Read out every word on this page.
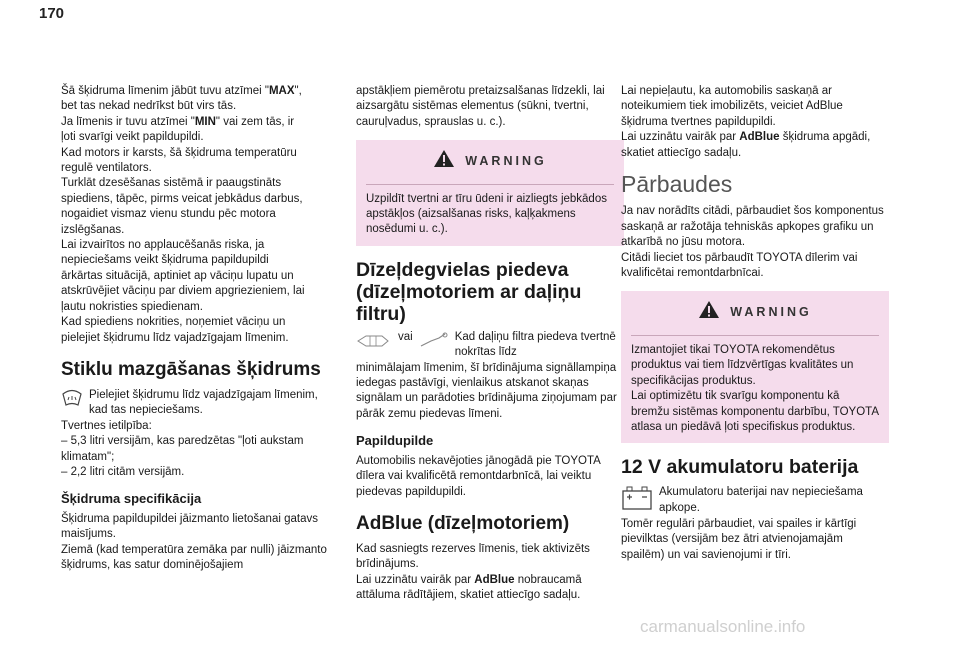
170

Šā šķidruma līmenim jābūt tuvu atzīmei "MAX",
bet tas nekad nedrīkst būt virs tās.
Ja līmenis ir tuvu atzīmei "MIN" vai zem tās, ir
ļoti svarīgi veikt papildupildi.
Kad motors ir karsts, šā šķidruma temperatūru
regulē ventilators.
Turklāt dzesēšanas sistēmā ir paaugstināts
spiediens, tāpēc, pirms veicat jebkādus darbus,
nogaidiet vismaz vienu stundu pēc motora
izslēgšanas.
Lai izvairītos no applaucēšanās riska, ja
nepieciešams veikt šķidruma papildupildi
ārkārtas situācijā, aptiniet ap vāciņu lupatu un
atskrūvējiet vāciņu par diviem apgriezieniem, lai
ļautu nokristies spiedienam.
Kad spiediens nokrities, noņemiet vāciņu un
pielejiet šķidrumu līdz vajadzīgajam līmenim.

Stiklu mazgāšanas šķidrums
Pielejiet šķidrumu līdz vajadzīgajam līmenim, kad tas nepieciešams.

Tvertnes ietilpība:

– 5,3 litri versijām, kas paredzētas "ļoti aukstam klimatam";

– 2,2 litri citām versijām.

Šķidruma specifikācija

Šķidruma papildupildei jāizmanto lietošanai gatavs maisījums.
Ziemā (kad temperatūra zemāka par nulli) jāizmanto šķidrums, kas satur dominējošajiem

apstākļiem piemērotu pretaizsalšanas līdzekli, lai aizsargātu sistēmas elementus (sūkni, tvertni, cauruļvadus, sprauslas u. c.).

WARNING

Uzpildīt tvertni ar tīru ūdeni ir aizliegts jebkādos apstākļos (aizsalšanas risks, kaļķakmens nosēdumi u. c.).

Dīzeļdegvielas piedeva (dīzeļmotoriem ar daļiņu filtru)
vai	Kad daļiņu filtra piedeva tvertnē nokrītas līdz

minimālajam līmenim, šī brīdinājuma signāllampiņa iedegas pastāvīgi, vienlaikus atskanot skaņas signālam un parādoties brīdinājuma ziņojumam par pārāk zemu piedevas līmeni.

Papildupilde

Automobilis nekavējoties jānogādā pie TOYOTA dīlera vai kvalificētā remontdarbnīcā, lai veiktu piedevas papildupildi.

AdBlue (dīzeļmotoriem)

Kad sasniegts rezerves līmenis, tiek aktivizēts brīdinājums.

Lai uzzinātu vairāk par AdBlue nobraucamā attāluma rādītājiem, skatiet attiecīgo sadaļu.

Lai nepieļautu, ka automobilis saskaņā ar noteikumiem tiek imobilizēts, veiciet AdBlue šķidruma tvertnes papildupildi.

Lai uzzinātu vairāk par AdBlue šķidruma apgādi, skatiet attiecīgo sadaļu.

Pārbaudes

Ja nav norādīts citādi, pārbaudiet šos komponentus saskaņā ar ražotāja tehniskās apkopes grafiku un atkarībā no jūsu motora.
Citādi lieciet tos pārbaudīt TOYOTA dīlerim vai kvalificētai remontdarbnīcai.

WARNING

Izmantojiet tikai TOYOTA rekomendētus produktus vai tiem līdzvērtīgas kvalitātes un specifikācijas produktus.
Lai optimizētu tik svarīgu komponentu kā bremžu sistēmas komponentu darbību, TOYOTA atlasa un piedāvā ļoti specifiskus produktus.

12 V akumulatoru baterija
Akumulatoru baterijai nav nepieciešama apkope.

Tomēr regulāri pārbaudiet, vai spailes ir kārtīgi pievilktas (versijām bez ātri atvienojamajām spailēm) un vai savienojumi ir tīri.

carmanualsonline.info
